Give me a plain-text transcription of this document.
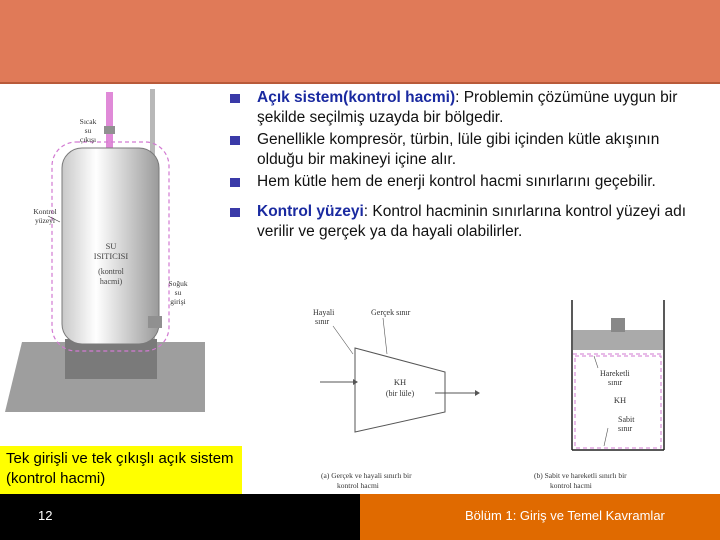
Sıcak
su
çıkışı
Kontrol
yüzeyi
SU
ISITICISI
(kontrol
hacmi)	Soğuk
su
girişi
Açık sistem(kontrol hacmi): Problemin çözümüne uygun bir şekilde seçilmiş uzayda bir bölgedir.
Genellikle kompresör, türbin, lüle gibi içinden kütle akışının olduğu bir makineyi içine alır.
Hem kütle hem de enerji kontrol hacmi sınırlarını geçebilir.
Kontrol yüzeyi: Kontrol hacminin sınırlarına kontrol yüzeyi adı verilir ve gerçek ya da hayali olabilirler.
Hayali
sınır
Gerçek sınır
KH
(bir lüle)
(a) Gerçek ve hayali sınırlı bir
kontrol hacmi
Hareketli
sınır
KH
Sabit
sınır
(b) Sabit ve hareketli sınırlı bir
kontrol hacmi
Tek girişli ve tek çıkışlı açık sistem (kontrol hacmi)
12	Bölüm 1: Giriş ve Temel Kavramlar
